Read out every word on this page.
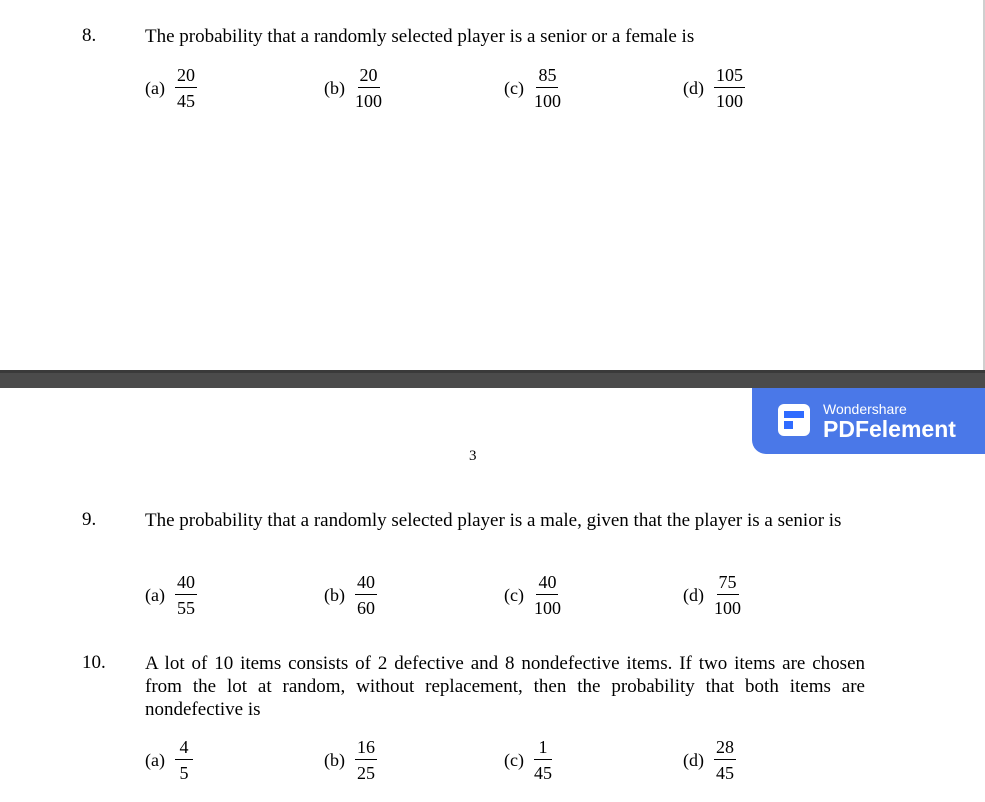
8.	The probability that a randomly selected player is a senior or a female is
$(a) \frac{20}{45}$	$(b) \frac{20}{100}$	$(c) \frac{85}{100}$	$(d) \frac{105}{100}$
Wondershare
PDFelement
3
9.	The probability that a randomly selected player is a male, given that the player is a senior is
$(a) \frac{40}{55}$	$(b) \frac{40}{60}$	$(c) \frac{40}{100}$	$(d) \frac{75}{100}$
10. A lot of 10 items consists of 2 defective and 8 nondefective items. If two items are chosen from the lot at random, without replacement, then the probability that both items are nondefective is
$(a) \frac{4}{5}$	$(b) \frac{16}{25}$	$(c) \frac{1}{45}$	$(d) \frac{28}{45}$
